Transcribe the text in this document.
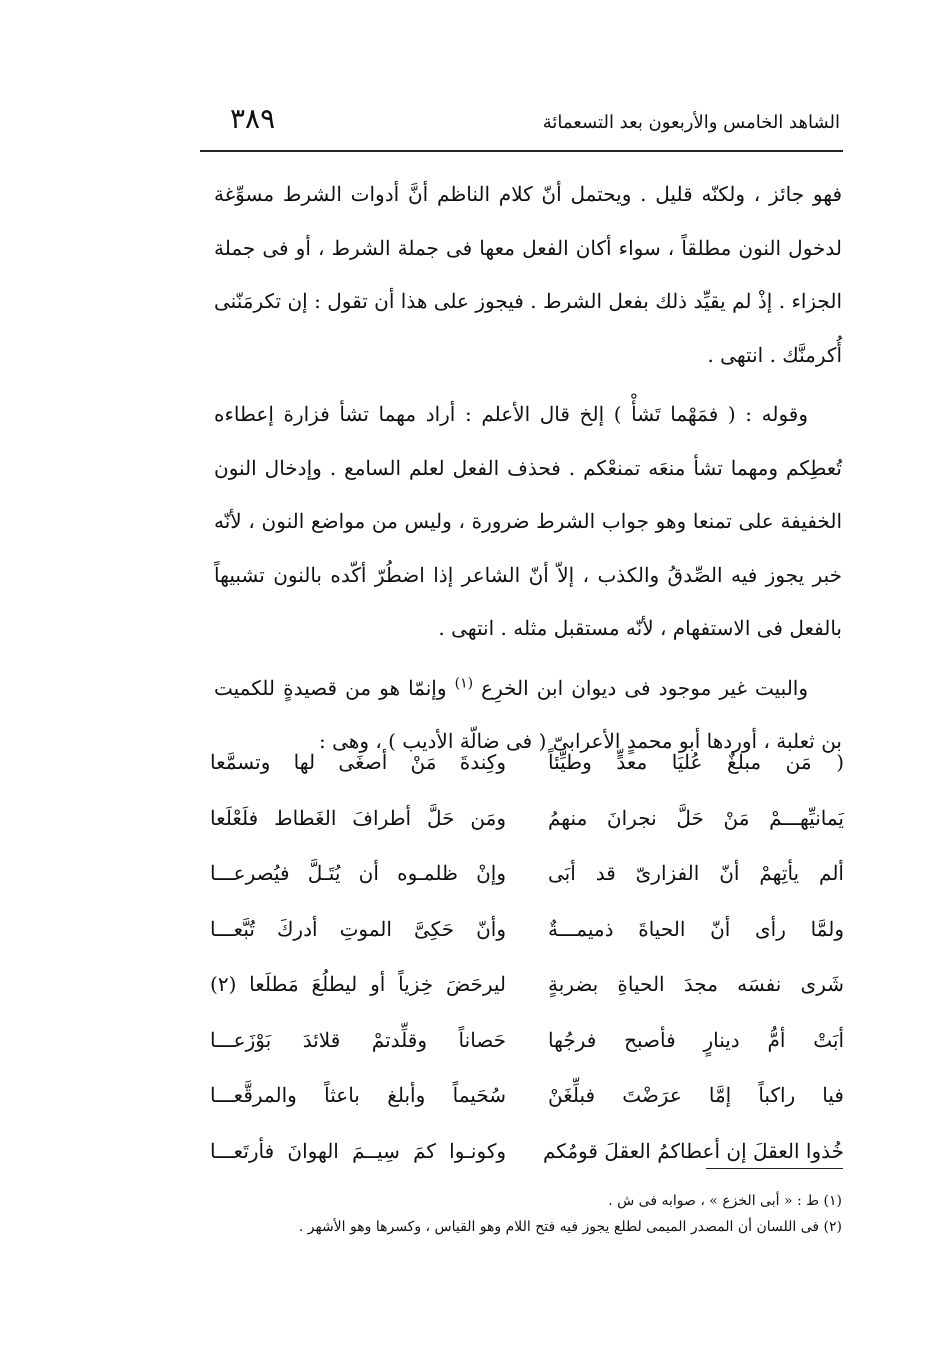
الشاهد الخامس والأربعون بعد التسعمائة
٣٨٩

فهو جائز ، ولكنّه قليل . ويحتمل أنّ كلام الناظم أنَّ أدوات الشرط مسوِّغة لدخول النون مطلقاً ، سواء أكان الفعل معها فى جملة الشرط ، أو فى جملة الجزاء . إذْ لم يقيِّد ذلك بفعل الشرط . فيجوز على هذا أن تقول : إن تكرمَنّنى أُكرمنَّك . انتهى .

وقوله : ( فمَهْما تَشأْ ) إلخ قال الأعلم : أراد مهما تشأ فزارة إعطاءه تُعطِكم ومهما تشأ منعَه تمنعْكم . فحذف الفعل لعلم السامع . وإدخال النون الخفيفة على تمنعا وهو جواب الشرط ضرورة ، وليس من مواضع النون ، لأنّه خبر يجوز فيه الصِّدقُ والكذب ، إلاّ أنّ الشاعر إذا اضطُرّ أكّده بالنون تشبيهاً بالفعل فى الاستفهام ، لأنّه مستقبل مثله . انتهى .

والبيت غير موجود فى ديوان ابن الخرِع $^{(١)}$ وإنمّا هو من قصيدةٍ للكميت بن ثعلبة ، أوردها أبو محمدٍ الأعرابىّ ( فى ضالّة الأديب ) ، وهى :

( مَن مبلغٌ عُليَا معدٍّ وطيِّئاً
وكِندةَ مَنْ أصغَى لها وتسمَّعا
يَمانيِّهـــمْ مَنْ حَلَّ نجرانَ منهمُ
ومَن حَلَّ أطرافَ الغَطاط فلَعْلَعا
ألم يأتِهمْ أنّ الفزارىّ قد أبَى
وإنْ ظلمـوه أن يُتَـلَّ فيُصرعـــا
ولمَّا رأى أنّ الحياةَ ذميمـــةٌ
وأنّ حَكِىَّ الموتِ أدركَ تُبَّعـــا
شَرى نفسَه مجدَ الحياةِ بضربةٍ
ليرحَضَ خِزياً أو ليطلُعَ مَطلَعا (٢)
أبَتْ أمُّ دينارٍ فأصبح فرجُها
حَصاناً وقلِّدتمْ قلائدَ بَوْزَعـــا
فيا راكباً إمَّا عرَضْتَ فبلِّغَنْ
سُحَيماً وأبلغ باعثاً والمرقَّعـــا
خُذوا العقلَ إن أعطاكمُ العقلَ قومُكم
وكونـوا كمَ سِيــمَ الهوانَ فأرتَعـــا

(١) ط : « أبى الخزع » ، صوابه فى ش .

(٢) فى اللسان أن المصدر الميمى لطلع يجوز فيه فتح اللام وهو القياس ، وكسرها وهو الأشهر .
